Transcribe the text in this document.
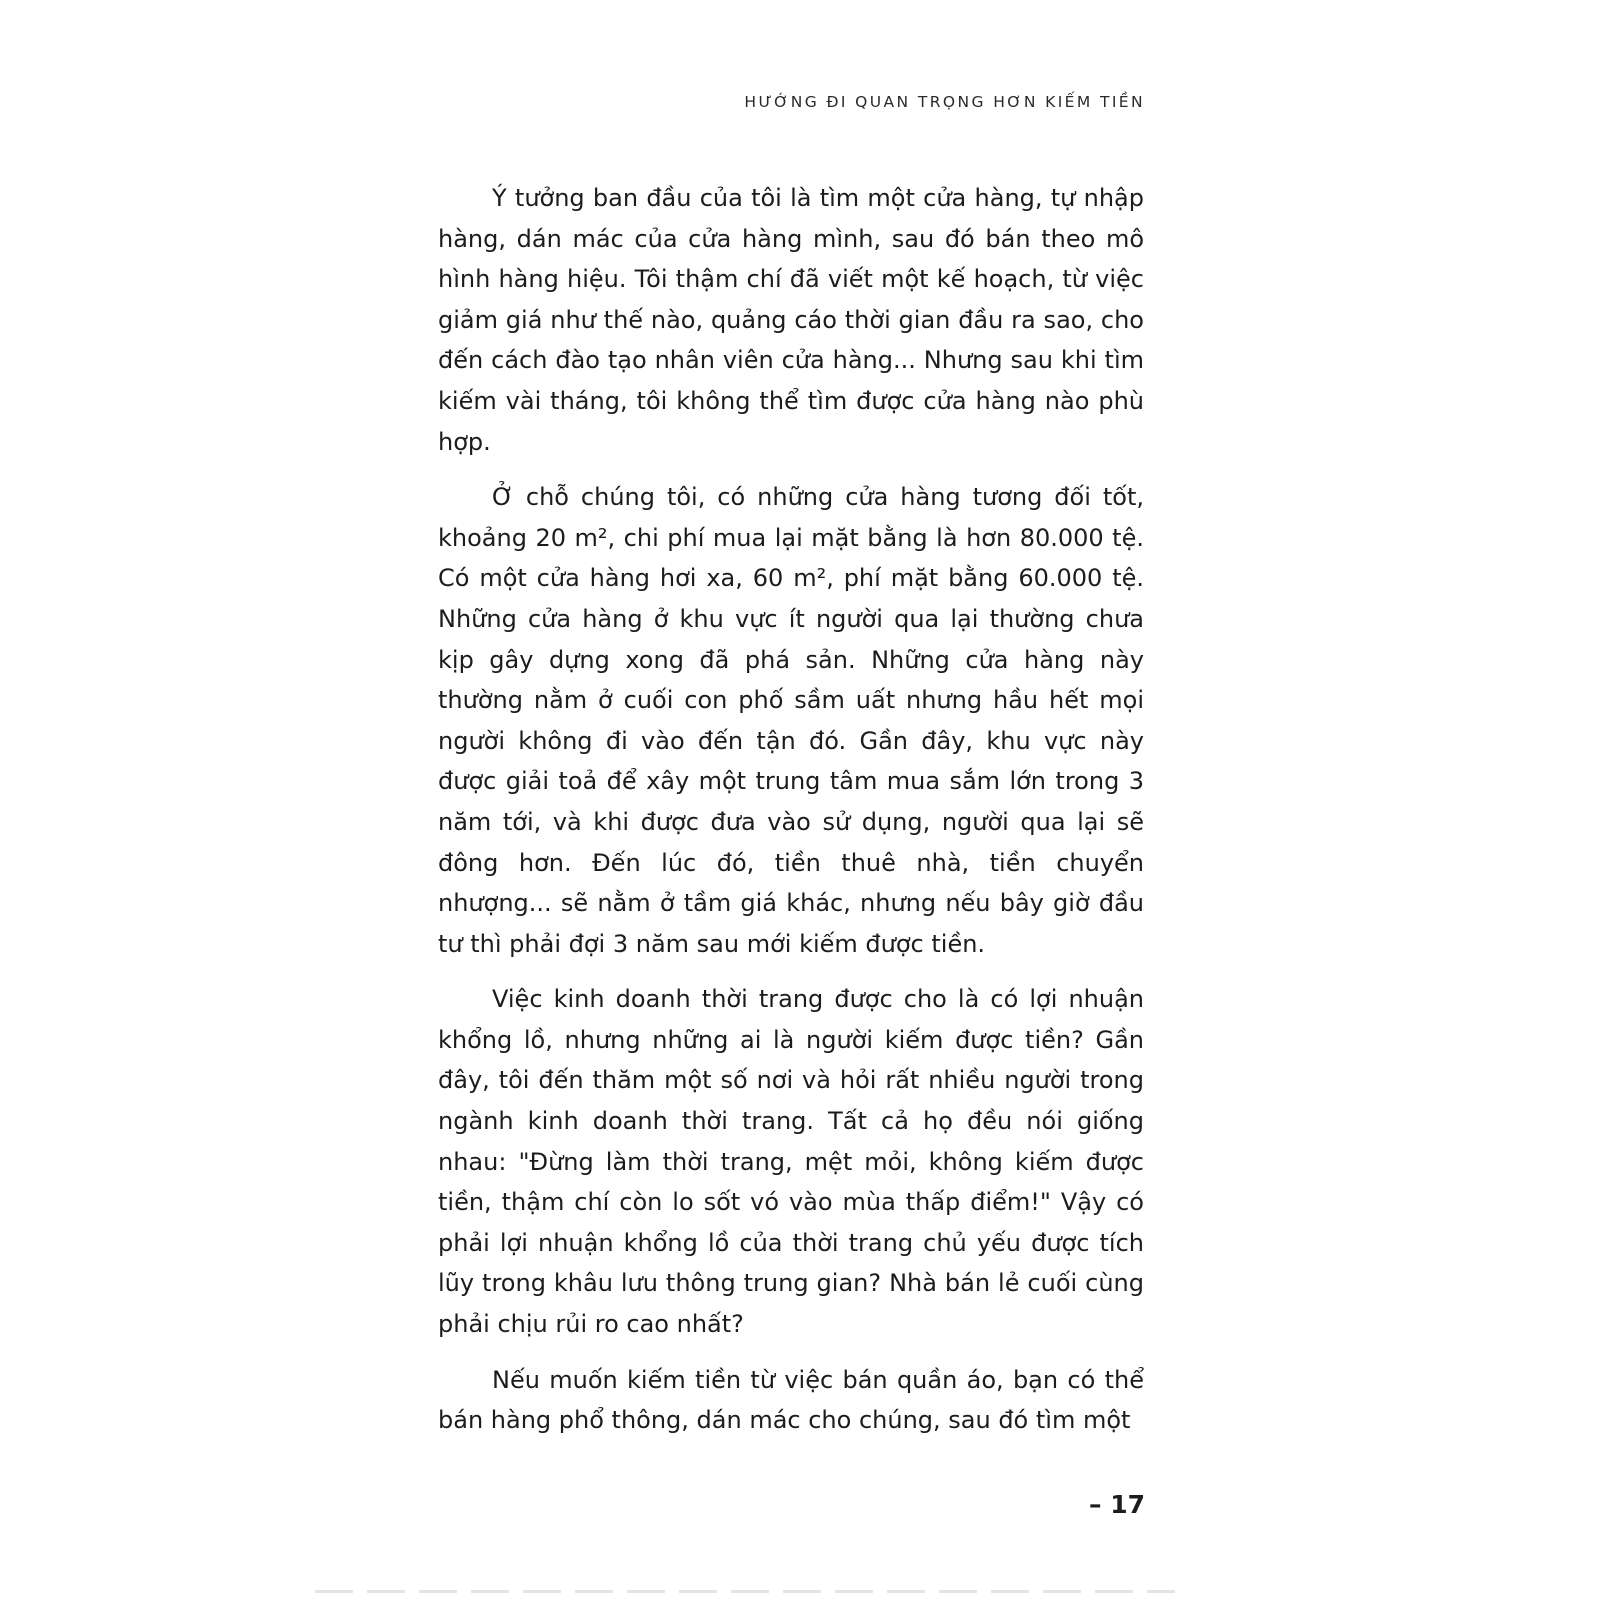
HƯỚNG ĐI QUAN TRỌNG HƠN KIẾM TIỀN

Ý tưởng ban đầu của tôi là tìm một cửa hàng, tự nhập hàng, dán mác của cửa hàng mình, sau đó bán theo mô hình hàng hiệu. Tôi thậm chí đã viết một kế hoạch, từ việc giảm giá như thế nào, quảng cáo thời gian đầu ra sao, cho đến cách đào tạo nhân viên cửa hàng... Nhưng sau khi tìm kiếm vài tháng, tôi không thể tìm được cửa hàng nào phù hợp.

Ở chỗ chúng tôi, có những cửa hàng tương đối tốt, khoảng 20 m², chi phí mua lại mặt bằng là hơn 80.000 tệ. Có một cửa hàng hơi xa, 60 m², phí mặt bằng 60.000 tệ. Những cửa hàng ở khu vực ít người qua lại thường chưa kịp gây dựng xong đã phá sản. Những cửa hàng này thường nằm ở cuối con phố sầm uất nhưng hầu hết mọi người không đi vào đến tận đó. Gần đây, khu vực này được giải toả để xây một trung tâm mua sắm lớn trong 3 năm tới, và khi được đưa vào sử dụng, người qua lại sẽ đông hơn. Đến lúc đó, tiền thuê nhà, tiền chuyển nhượng... sẽ nằm ở tầm giá khác, nhưng nếu bây giờ đầu tư thì phải đợi 3 năm sau mới kiếm được tiền.

Việc kinh doanh thời trang được cho là có lợi nhuận khổng lồ, nhưng những ai là người kiếm được tiền? Gần đây, tôi đến thăm một số nơi và hỏi rất nhiều người trong ngành kinh doanh thời trang. Tất cả họ đều nói giống nhau: "Đừng làm thời trang, mệt mỏi, không kiếm được tiền, thậm chí còn lo sốt vó vào mùa thấp điểm!" Vậy có phải lợi nhuận khổng lồ của thời trang chủ yếu được tích lũy trong khâu lưu thông trung gian? Nhà bán lẻ cuối cùng phải chịu rủi ro cao nhất?

Nếu muốn kiếm tiền từ việc bán quần áo, bạn có thể bán hàng phổ thông, dán mác cho chúng, sau đó tìm một

– 17
